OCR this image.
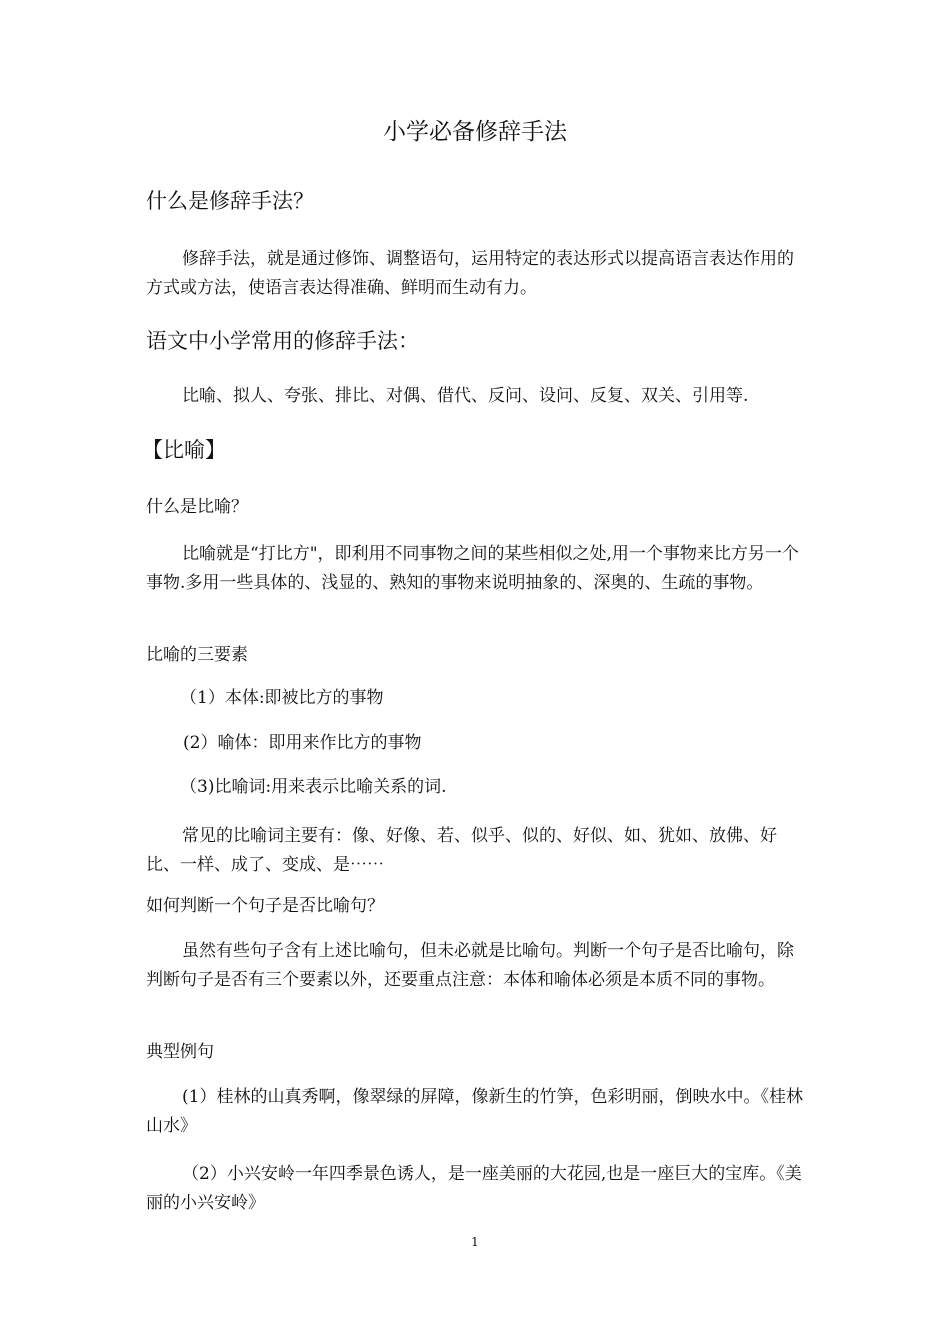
小学必备修辞手法
什么是修辞手法？
修辞手法，就是通过修饰、调整语句，运用特定的表达形式以提高语言表达作用的方式或方法，使语言表达得准确、鲜明而生动有力。
语文中小学常用的修辞手法：
比喻、拟人、夸张、排比、对偶、借代、反问、设问、反复、双关、引用等.
【比喻】
什么是比喻？
比喻就是“打比方"，即利用不同事物之间的某些相似之处,用一个事物来比方另一个事物.多用一些具体的、浅显的、熟知的事物来说明抽象的、深奥的、生疏的事物。
比喻的三要素
（1）本体:即被比方的事物
(2）喻体：即用来作比方的事物
（3)比喻词:用来表示比喻关系的词.
常见的比喻词主要有：像、好像、若、似乎、似的、好似、如、犹如、放佛、好比、一样、成了、变成、是⋯⋯
如何判断一个句子是否比喻句？
虽然有些句子含有上述比喻句，但未必就是比喻句。判断一个句子是否比喻句，除判断句子是否有三个要素以外，还要重点注意：本体和喻体必须是本质不同的事物。
典型例句
(1）桂林的山真秀啊，像翠绿的屏障，像新生的竹笋，色彩明丽，倒映水中。《桂林山水》
（2）小兴安岭一年四季景色诱人，是一座美丽的大花园,也是一座巨大的宝库。《美丽的小兴安岭》
1
